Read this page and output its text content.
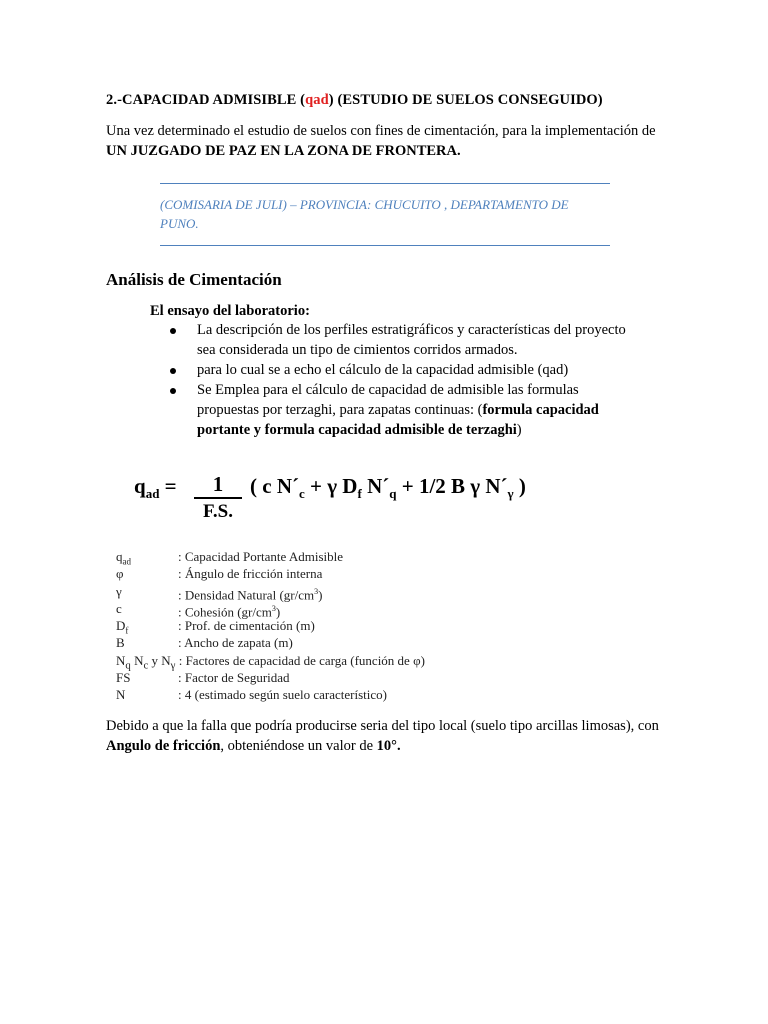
2.-CAPACIDAD ADMISIBLE (qad) (ESTUDIO DE SUELOS CONSEGUIDO)
Una vez determinado el estudio de suelos con fines de cimentación, para la implementación de UN JUZGADO DE PAZ EN LA ZONA DE FRONTERA.
(COMISARIA DE JULI) – PROVINCIA: CHUCUITO , DEPARTAMENTO DE PUNO.
Análisis de Cimentación
El ensayo del laboratorio:
La descripción de los perfiles estratigráficos y características del proyecto sea considerada un tipo de cimientos corridos armados.
para lo cual se a echo el cálculo de la capacidad admisible (qad)
Se Emplea para el cálculo de capacidad de admisible las formulas propuestas por terzaghi, para zapatas continuas: (formula capacidad portante y formula capacidad admisible de terzaghi)
$q_{ad}$ =	1
F.S.
( c $N´_c + \gamma$ $D_f$ $N´_q + 1/2$ B γ $N´_\gamma$ )
$q_{ad}$	: Capacidad Portante Admisible
φ	: Ángulo de fricción interna
γ	: Densidad Natural $(gr/cm^3)$
c	: Cohesión $(gr/cm^3)$
$D_f$	: Prof. de cimentación (m)
B	: Ancho de zapata (m)
$N_q$ $N_c$ y $N_\gamma$ : Factores de capacidad de carga (función de φ)
FS	: Factor de Seguridad
N	: 4 (estimado según suelo característico)
Debido a que la falla que podría producirse seria del tipo local (suelo tipo arcillas limosas), con Angulo de fricción, obteniéndose un valor de 10°.
